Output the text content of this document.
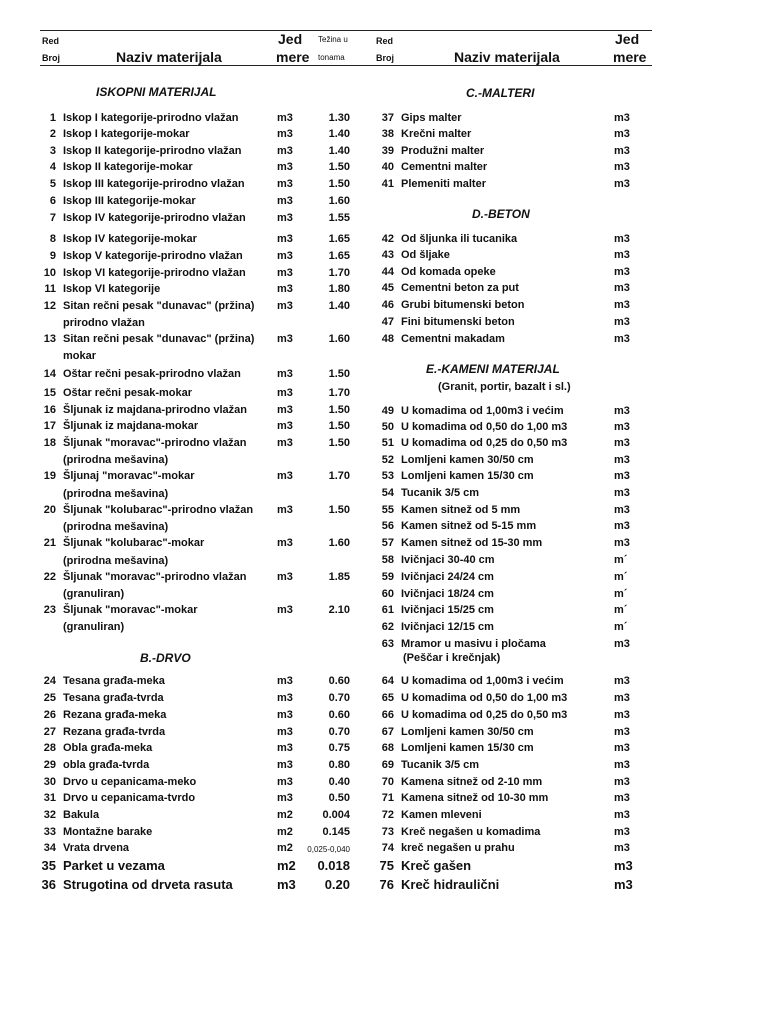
Red
Broj	Naziv materijala
Jed
mere
Težina u
tonama
Red
Broj	Naziv materijala
Jed
mere
ISKOPNI MATERIJAL
B.-DRVO
C.-MALTERI
D.-BETON
E.-KAMENI MATERIJAL
(Granit, portir, bazalt i sl.)
(Peščar i krečnjak)
1 Iskop I kategorije-prirodno vlažan	m3	1.30
2 Iskop I kategorije-mokar	m3	1.40
3 Iskop II kategorije-prirodno vlažan	m3	1.40
4 Iskop II kategorije-mokar	m3	1.50
5 Iskop III kategorije-prirodno vlažan	m3	1.50
6 Iskop III kategorije-mokar	m3	1.60
7 Iskop IV kategorije-prirodno vlažan	m3	1.55
8 Iskop IV kategorije-mokar	m3	1.65
9 Iskop V kategorije-prirodno vlažan	m3	1.65
10 Iskop VI kategorije-prirodno vlažan	m3	1.70
11 Iskop VI kategorije	m3	1.80
12 Sitan rečni pesak "dunavac" (pržina) m3	1.40
prirodno vlažan
13 Sitan rečni pesak "dunavac" (pržina) m3	1.60
mokar
14 Oštar rečni pesak-prirodno vlažan	m3	1.50
15 Oštar rečni pesak-mokar	m3	1.70
16 Šljunak iz majdana-prirodno vlažan	m3	1.50
17 Šljunak iz majdana-mokar	m3	1.50
18 Šljunak "moravac"-prirodno vlažan	m3	1.50
(prirodna mešavina)
19 Šljunaj "moravac"-mokar	m3	1.70
(prirodna mešavina)
20 Šljunak "kolubarac"-prirodno vlažan m3	1.50
(prirodna mešavina)
21 Šljunak "kolubarac"-mokar	m3	1.60
(prirodna mešavina)
22 Šljunak "moravac"-prirodno vlažan	m3	1.85
(granuliran)
23 Šljunak "moravac"-mokar	m3	2.10
(granuliran)
24 Tesana građa-meka	m3	0.60
25 Tesana građa-tvrda	m3	0.70
26 Rezana građa-meka	m3	0.60
27 Rezana građa-tvrda	m3	0.70
28 Obla građa-meka	m3	0.75
29 obla građa-tvrda	m3	0.80
30 Drvo u cepanicama-meko	m3	0.40
31 Drvo u cepanicama-tvrdo	m3	0.50
32 Bakula	m2	0.004
33 Montažne barake	m2	0.145
34 Vrata drvena	m2	0,025-0,040
35 Parket u vezama	m2	0.018
36 Strugotina od drveta rasuta	m3	0.20
37 Gips malter	m3
38 Krečni malter	m3
39 Produžni malter	m3
40 Cementni malter	m3
41 Plemeniti malter	m3
42 Od šljunka ili tucanika	m3
43 Od šljake	m3
44 Od komada opeke	m3
45 Cementni beton za put	m3
46 Grubi bitumenski beton	m3
47 Fini bitumenski beton	m3
48 Cementni makadam	m3
49 U komadima od 1,00m3 i većim	m3
50 U komadima od 0,50 do 1,00 m3	m3
51 U komadima od 0,25 do 0,50 m3	m3
52 Lomljeni kamen 30/50 cm	m3
53 Lomljeni kamen 15/30 cm	m3
54 Tucanik 3/5 cm	m3
55 Kamen sitnež od 5 mm	m3
56 Kamen sitnež od 5-15 mm	m3
57 Kamen sitnež od 15-30 mm	m3
58 Ivičnjaci 30-40 cm	m´
59 Ivičnjaci 24/24 cm	m´
60 Ivičnjaci 18/24 cm	m´
61 Ivičnjaci 15/25 cm	m´
62 Ivičnjaci 12/15 cm	m´
63 Mramor u masivu i pločama	m3
64 U komadima od 1,00m3 i većim	m3
65 U komadima od 0,50 do 1,00 m3	m3
66 U komadima od 0,25 do 0,50 m3	m3
67 Lomljeni kamen 30/50 cm	m3
68 Lomljeni kamen 15/30 cm	m3
69 Tucanik 3/5 cm	m3
70 Kamena sitnež od 2-10 mm	m3
71 Kamena sitnež od 10-30 mm	m3
72 Kamen mleveni	m3
73 Kreč negašen u komadima	m3
74 kreč negašen u prahu	m3
75 Kreč gašen	m3
76 Kreč hidraulični	m3
